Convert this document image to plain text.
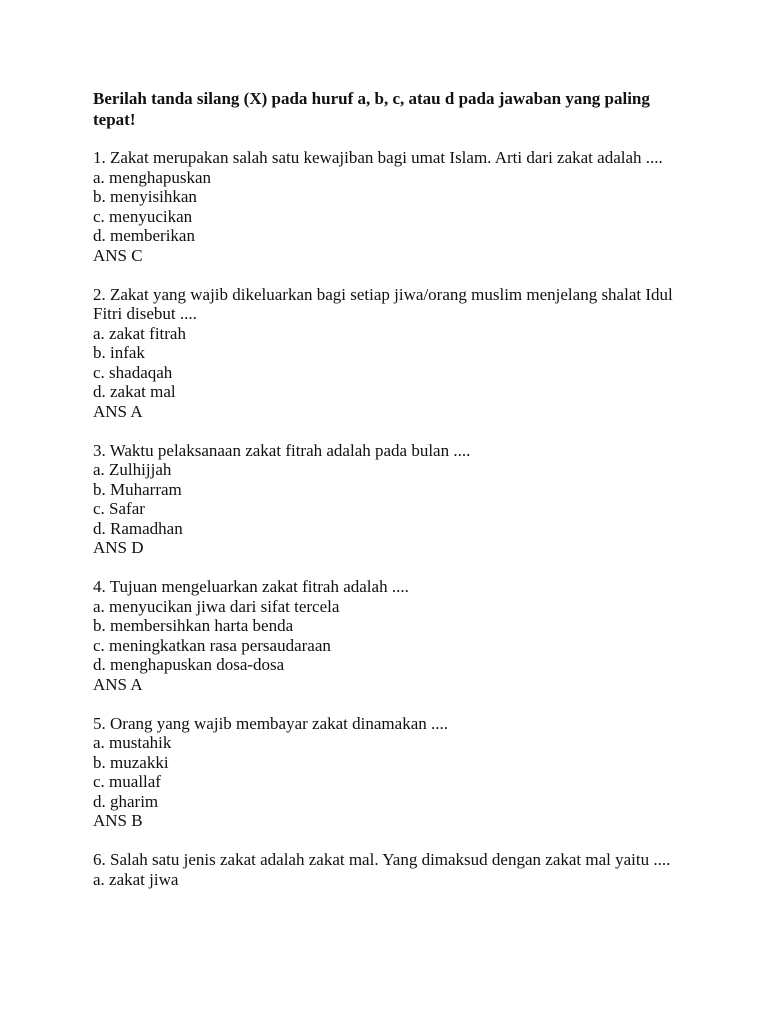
Berilah tanda silang (X) pada huruf a, b, c, atau d pada jawaban yang paling tepat!

1. Zakat merupakan salah satu kewajiban bagi umat Islam. Arti dari zakat adalah ....
a. menghapuskan
b. menyisihkan
c. menyucikan
d. memberikan
ANS C
2. Zakat yang wajib dikeluarkan bagi setiap jiwa/orang muslim menjelang shalat Idul Fitri disebut ....
a. zakat fitrah
b. infak
c. shadaqah
d. zakat mal
ANS A
3. Waktu pelaksanaan zakat fitrah adalah pada bulan ....
a. Zulhijjah
b. Muharram
c. Safar
d. Ramadhan
ANS D
4. Tujuan mengeluarkan zakat fitrah adalah ....
a. menyucikan jiwa dari sifat tercela
b. membersihkan harta benda
c. meningkatkan rasa persaudaraan
d. menghapuskan dosa-dosa
ANS A
5. Orang yang wajib membayar zakat dinamakan ....
a. mustahik
b. muzakki
c. muallaf
d. gharim
ANS B
6. Salah satu jenis zakat adalah zakat mal. Yang dimaksud dengan zakat mal yaitu ....
a. zakat jiwa
